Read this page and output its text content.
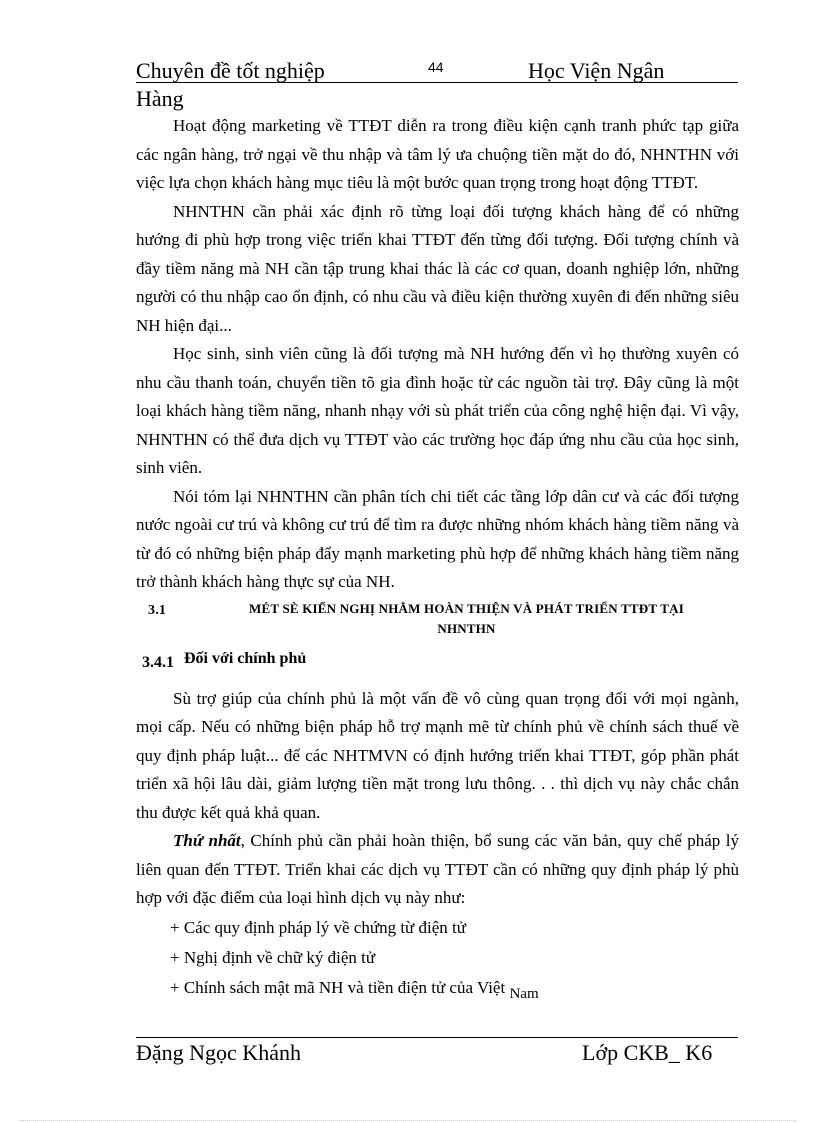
Chuyên đề tốt nghiệp	44	Học Viện Ngân
Hàng

Hoạt động marketing về TTĐT diễn ra trong điều kiện cạnh tranh phức tạp giữa các ngân hàng, trở ngại về thu nhập và tâm lý ưa chuộng tiền mặt do đó, NHNTHN với việc lựa chọn khách hàng mục tiêu là một bước quan trọng trong hoạt động TTĐT.

NHNTHN cần phải xác định rõ từng loại đối tượng khách hàng để có những hướng đi phù hợp trong việc triển khai TTĐT đến từng đối tượng. Đối tượng chính và đầy tiềm năng mà NH cần tập trung khai thác là các cơ quan, doanh nghiệp lớn, những người có thu nhập cao ổn định, có nhu cầu và điều kiện thường xuyên đi đến những siêu NH hiện đại...

Học sinh, sinh viên cũng là đối tượng mà NH hướng đến vì họ thường xuyên có nhu cầu thanh toán, chuyển tiền tõ gia đình hoặc từ các nguồn tài trợ. Đây cũng là một loại khách hàng tiềm năng, nhanh nhạy với sù phát triển của công nghệ hiện đại. Vì vậy, NHNTHN có thể đưa dịch vụ TTĐT vào các trường học đáp ứng nhu cầu của học sinh, sinh viên.

Nói tóm lại NHNTHN cần phân tích chi tiết các tầng lớp dân cư và các đối tượng nước ngoài cư trú và không cư trú để tìm ra được những nhóm khách hàng tiềm năng và từ đó có những biện pháp đẩy mạnh marketing phù hợp để những khách hàng tiềm năng trở thành khách hàng thực sự của NH.

3.1	MÉT SÈ KIẾN NGHỊ NHẰM HOÀN THIỆN VÀ PHÁT TRIỂN TTĐT TẠI
NHNTHN
3.4.1 Đối với chính phủ

Sù trợ giúp của chính phủ là một vấn đề vô cùng quan trọng đối với mọi ngành, mọi cấp. Nếu có những biện pháp hỗ trợ mạnh mẽ từ chính phủ về chính sách thuế về quy định pháp luật... để các NHTMVN có định hướng triển khai TTĐT, góp phần phát triển xã hội lâu dài, giảm lượng tiền mặt trong lưu thông. . . thì dịch vụ này chắc chắn thu được kết quả khả quan.

Thứ nhất, Chính phủ cần phải hoàn thiện, bổ sung các văn bản, quy chế pháp lý liên quan đến TTĐT. Triển khai các dịch vụ TTĐT cần có những quy định pháp lý phù hợp với đặc điểm của loại hình dịch vụ này như:

+ Các quy định pháp lý về chứng từ điện tử
+ Nghị định về chữ ký điện tử
+ Chính sách mật mã NH và tiền điện tử của Việt Nam
Đặng Ngọc Khánh	Lớp CKB_ K6
